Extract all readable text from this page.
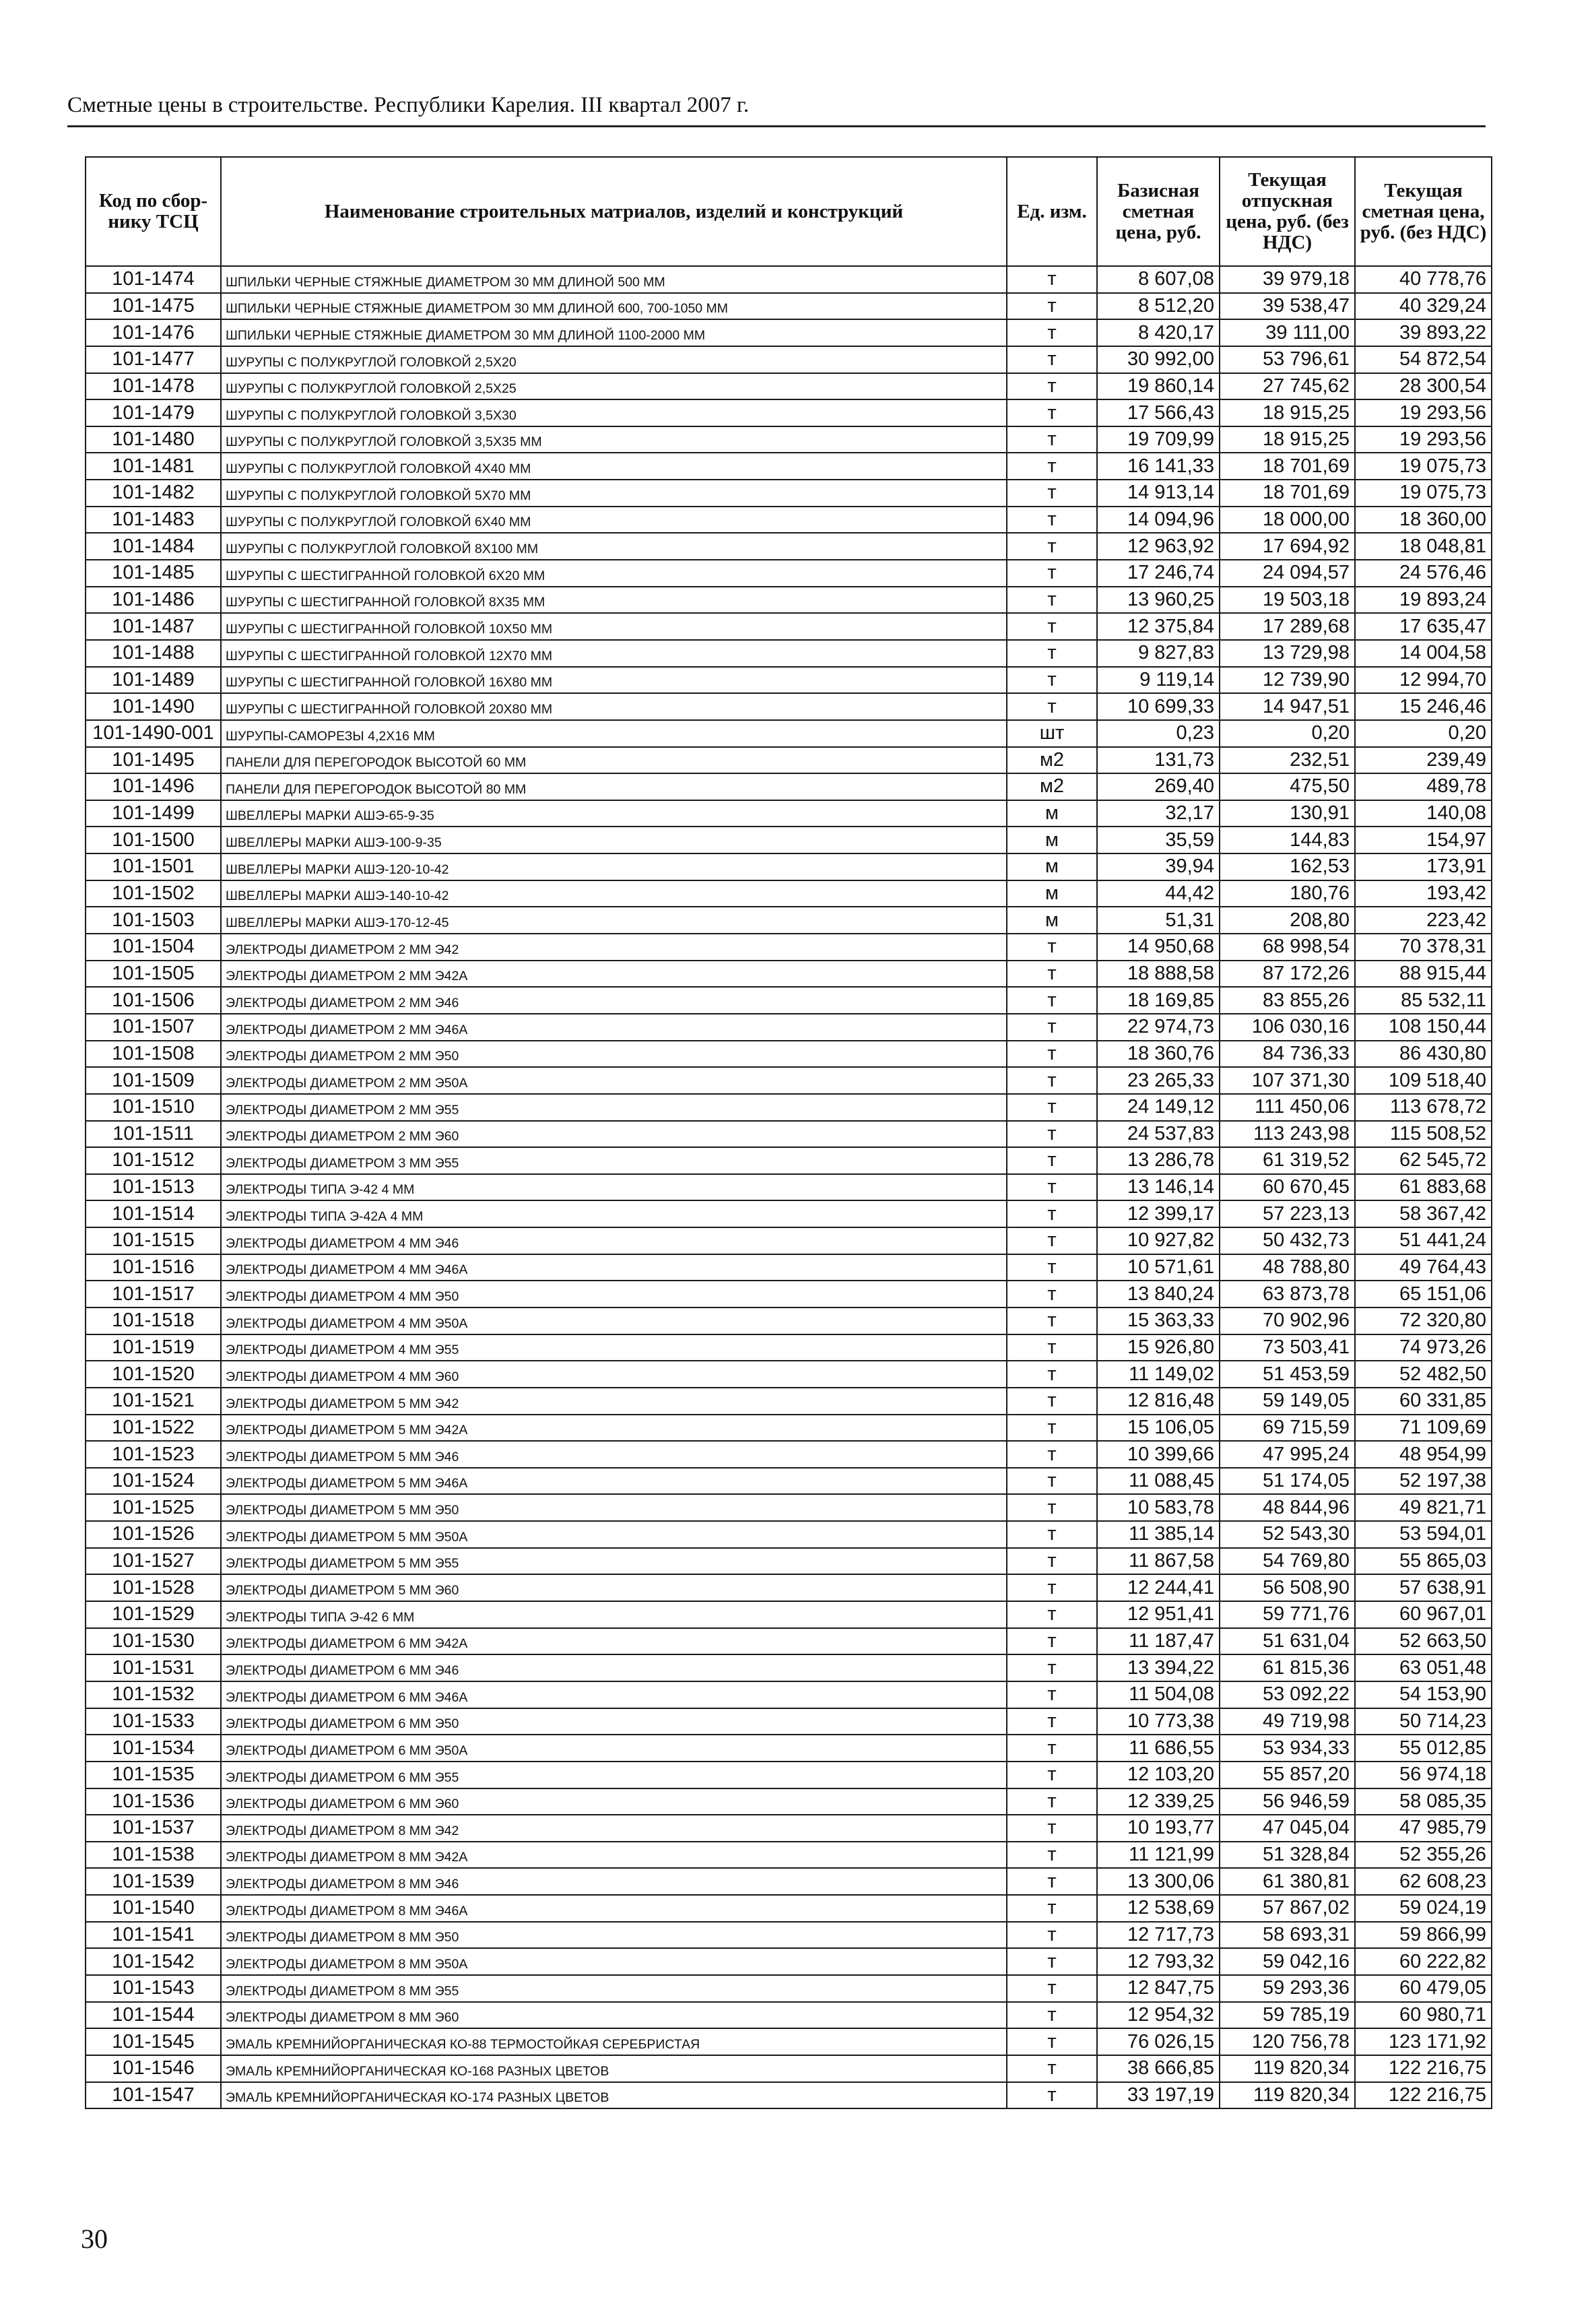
Сметные цены в строительстве. Республики Карелия. III квартал 2007 г.
Код по сбор-нику ТСЦ	Наименование строительных матриалов, изделий и конструкций	Ед. изм.	Базисная сметная цена, руб.	Текущая отпускная цена, руб. (без НДС)	Текущая сметная цена, руб. (без НДС)
101-1474	ШПИЛЬКИ ЧЕРНЫЕ СТЯЖНЫЕ ДИАМЕТРОМ 30 ММ ДЛИНОЙ 500 ММ	т	8 607,08	39 979,18	40 778,76
101-1475	ШПИЛЬКИ ЧЕРНЫЕ СТЯЖНЫЕ ДИАМЕТРОМ 30 ММ ДЛИНОЙ 600, 700-1050 ММ	т	8 512,20	39 538,47	40 329,24
101-1476	ШПИЛЬКИ ЧЕРНЫЕ СТЯЖНЫЕ ДИАМЕТРОМ 30 ММ ДЛИНОЙ 1100-2000 ММ	т	8 420,17	39 111,00	39 893,22
101-1477	ШУРУПЫ С ПОЛУКРУГЛОЙ ГОЛОВКОЙ 2,5Х20	т	30 992,00	53 796,61	54 872,54
101-1478	ШУРУПЫ С ПОЛУКРУГЛОЙ ГОЛОВКОЙ 2,5Х25	т	19 860,14	27 745,62	28 300,54
101-1479	ШУРУПЫ С ПОЛУКРУГЛОЙ ГОЛОВКОЙ 3,5Х30	т	17 566,43	18 915,25	19 293,56
101-1480	ШУРУПЫ С ПОЛУКРУГЛОЙ ГОЛОВКОЙ 3,5Х35 ММ	т	19 709,99	18 915,25	19 293,56
101-1481	ШУРУПЫ С ПОЛУКРУГЛОЙ ГОЛОВКОЙ 4Х40 ММ	т	16 141,33	18 701,69	19 075,73
101-1482	ШУРУПЫ С ПОЛУКРУГЛОЙ ГОЛОВКОЙ 5Х70 ММ	т	14 913,14	18 701,69	19 075,73
101-1483	ШУРУПЫ С ПОЛУКРУГЛОЙ ГОЛОВКОЙ 6Х40 ММ	т	14 094,96	18 000,00	18 360,00
101-1484	ШУРУПЫ С ПОЛУКРУГЛОЙ ГОЛОВКОЙ 8Х100 ММ	т	12 963,92	17 694,92	18 048,81
101-1485	ШУРУПЫ С ШЕСТИГРАННОЙ ГОЛОВКОЙ 6Х20 ММ	т	17 246,74	24 094,57	24 576,46
101-1486	ШУРУПЫ С ШЕСТИГРАННОЙ ГОЛОВКОЙ 8Х35 ММ	т	13 960,25	19 503,18	19 893,24
101-1487	ШУРУПЫ С ШЕСТИГРАННОЙ ГОЛОВКОЙ 10Х50 ММ	т	12 375,84	17 289,68	17 635,47
101-1488	ШУРУПЫ С ШЕСТИГРАННОЙ ГОЛОВКОЙ 12Х70 ММ	т	9 827,83	13 729,98	14 004,58
101-1489	ШУРУПЫ С ШЕСТИГРАННОЙ ГОЛОВКОЙ 16Х80 ММ	т	9 119,14	12 739,90	12 994,70
101-1490	ШУРУПЫ С ШЕСТИГРАННОЙ ГОЛОВКОЙ 20Х80 ММ	т	10 699,33	14 947,51	15 246,46
101-1490-001	ШУРУПЫ-САМОРЕЗЫ 4,2Х16 ММ	шт	0,23	0,20	0,20
101-1495	ПАНЕЛИ ДЛЯ ПЕРЕГОРОДОК ВЫСОТОЙ 60 ММ	м2	131,73	232,51	239,49
101-1496	ПАНЕЛИ ДЛЯ ПЕРЕГОРОДОК ВЫСОТОЙ 80 ММ	м2	269,40	475,50	489,78
101-1499	ШВЕЛЛЕРЫ МАРКИ АШЭ-65-9-35	м	32,17	130,91	140,08
101-1500	ШВЕЛЛЕРЫ МАРКИ АШЭ-100-9-35	м	35,59	144,83	154,97
101-1501	ШВЕЛЛЕРЫ МАРКИ АШЭ-120-10-42	м	39,94	162,53	173,91
101-1502	ШВЕЛЛЕРЫ МАРКИ АШЭ-140-10-42	м	44,42	180,76	193,42
101-1503	ШВЕЛЛЕРЫ МАРКИ АШЭ-170-12-45	м	51,31	208,80	223,42
101-1504	ЭЛЕКТРОДЫ ДИАМЕТРОМ 2 ММ Э42	т	14 950,68	68 998,54	70 378,31
101-1505	ЭЛЕКТРОДЫ ДИАМЕТРОМ 2 ММ Э42А	т	18 888,58	87 172,26	88 915,44
101-1506	ЭЛЕКТРОДЫ ДИАМЕТРОМ 2 ММ Э46	т	18 169,85	83 855,26	85 532,11
101-1507	ЭЛЕКТРОДЫ ДИАМЕТРОМ 2 ММ Э46А	т	22 974,73	106 030,16	108 150,44
101-1508	ЭЛЕКТРОДЫ ДИАМЕТРОМ 2 ММ Э50	т	18 360,76	84 736,33	86 430,80
101-1509	ЭЛЕКТРОДЫ ДИАМЕТРОМ 2 ММ Э50А	т	23 265,33	107 371,30	109 518,40
101-1510	ЭЛЕКТРОДЫ ДИАМЕТРОМ 2 ММ Э55	т	24 149,12	111 450,06	113 678,72
101-1511	ЭЛЕКТРОДЫ ДИАМЕТРОМ 2 ММ Э60	т	24 537,83	113 243,98	115 508,52
101-1512	ЭЛЕКТРОДЫ ДИАМЕТРОМ 3 ММ Э55	т	13 286,78	61 319,52	62 545,72
101-1513	ЭЛЕКТРОДЫ ТИПА Э-42 4 ММ	т	13 146,14	60 670,45	61 883,68
101-1514	ЭЛЕКТРОДЫ ТИПА Э-42А 4 ММ	т	12 399,17	57 223,13	58 367,42
101-1515	ЭЛЕКТРОДЫ ДИАМЕТРОМ 4 ММ Э46	т	10 927,82	50 432,73	51 441,24
101-1516	ЭЛЕКТРОДЫ ДИАМЕТРОМ 4 ММ Э46А	т	10 571,61	48 788,80	49 764,43
101-1517	ЭЛЕКТРОДЫ ДИАМЕТРОМ 4 ММ Э50	т	13 840,24	63 873,78	65 151,06
101-1518	ЭЛЕКТРОДЫ ДИАМЕТРОМ 4 ММ Э50А	т	15 363,33	70 902,96	72 320,80
101-1519	ЭЛЕКТРОДЫ ДИАМЕТРОМ 4 ММ Э55	т	15 926,80	73 503,41	74 973,26
101-1520	ЭЛЕКТРОДЫ ДИАМЕТРОМ 4 ММ Э60	т	11 149,02	51 453,59	52 482,50
101-1521	ЭЛЕКТРОДЫ ДИАМЕТРОМ 5 ММ Э42	т	12 816,48	59 149,05	60 331,85
101-1522	ЭЛЕКТРОДЫ ДИАМЕТРОМ 5 ММ Э42А	т	15 106,05	69 715,59	71 109,69
101-1523	ЭЛЕКТРОДЫ ДИАМЕТРОМ 5 ММ Э46	т	10 399,66	47 995,24	48 954,99
101-1524	ЭЛЕКТРОДЫ ДИАМЕТРОМ 5 ММ Э46А	т	11 088,45	51 174,05	52 197,38
101-1525	ЭЛЕКТРОДЫ ДИАМЕТРОМ 5 ММ Э50	т	10 583,78	48 844,96	49 821,71
101-1526	ЭЛЕКТРОДЫ ДИАМЕТРОМ 5 ММ Э50А	т	11 385,14	52 543,30	53 594,01
101-1527	ЭЛЕКТРОДЫ ДИАМЕТРОМ 5 ММ Э55	т	11 867,58	54 769,80	55 865,03
101-1528	ЭЛЕКТРОДЫ ДИАМЕТРОМ 5 ММ Э60	т	12 244,41	56 508,90	57 638,91
101-1529	ЭЛЕКТРОДЫ ТИПА Э-42 6 ММ	т	12 951,41	59 771,76	60 967,01
101-1530	ЭЛЕКТРОДЫ ДИАМЕТРОМ 6 ММ Э42А	т	11 187,47	51 631,04	52 663,50
101-1531	ЭЛЕКТРОДЫ ДИАМЕТРОМ 6 ММ Э46	т	13 394,22	61 815,36	63 051,48
101-1532	ЭЛЕКТРОДЫ ДИАМЕТРОМ 6 ММ Э46А	т	11 504,08	53 092,22	54 153,90
101-1533	ЭЛЕКТРОДЫ ДИАМЕТРОМ 6 ММ Э50	т	10 773,38	49 719,98	50 714,23
101-1534	ЭЛЕКТРОДЫ ДИАМЕТРОМ 6 ММ Э50А	т	11 686,55	53 934,33	55 012,85
101-1535	ЭЛЕКТРОДЫ ДИАМЕТРОМ 6 ММ Э55	т	12 103,20	55 857,20	56 974,18
101-1536	ЭЛЕКТРОДЫ ДИАМЕТРОМ 6 ММ Э60	т	12 339,25	56 946,59	58 085,35
101-1537	ЭЛЕКТРОДЫ ДИАМЕТРОМ 8 ММ Э42	т	10 193,77	47 045,04	47 985,79
101-1538	ЭЛЕКТРОДЫ ДИАМЕТРОМ 8 ММ Э42А	т	11 121,99	51 328,84	52 355,26
101-1539	ЭЛЕКТРОДЫ ДИАМЕТРОМ 8 ММ Э46	т	13 300,06	61 380,81	62 608,23
101-1540	ЭЛЕКТРОДЫ ДИАМЕТРОМ 8 ММ Э46А	т	12 538,69	57 867,02	59 024,19
101-1541	ЭЛЕКТРОДЫ ДИАМЕТРОМ 8 ММ Э50	т	12 717,73	58 693,31	59 866,99
101-1542	ЭЛЕКТРОДЫ ДИАМЕТРОМ 8 ММ Э50А	т	12 793,32	59 042,16	60 222,82
101-1543	ЭЛЕКТРОДЫ ДИАМЕТРОМ 8 ММ Э55	т	12 847,75	59 293,36	60 479,05
101-1544	ЭЛЕКТРОДЫ ДИАМЕТРОМ 8 ММ Э60	т	12 954,32	59 785,19	60 980,71
101-1545	ЭМАЛЬ КРЕМНИЙОРГАНИЧЕСКАЯ КО-88 ТЕРМОСТОЙКАЯ СЕРЕБРИСТАЯ	т	76 026,15	120 756,78	123 171,92
101-1546	ЭМАЛЬ КРЕМНИЙОРГАНИЧЕСКАЯ КО-168 РАЗНЫХ ЦВЕТОВ	т	38 666,85	119 820,34	122 216,75
101-1547	ЭМАЛЬ КРЕМНИЙОРГАНИЧЕСКАЯ КО-174 РАЗНЫХ ЦВЕТОВ	т	33 197,19	119 820,34	122 216,75
30
